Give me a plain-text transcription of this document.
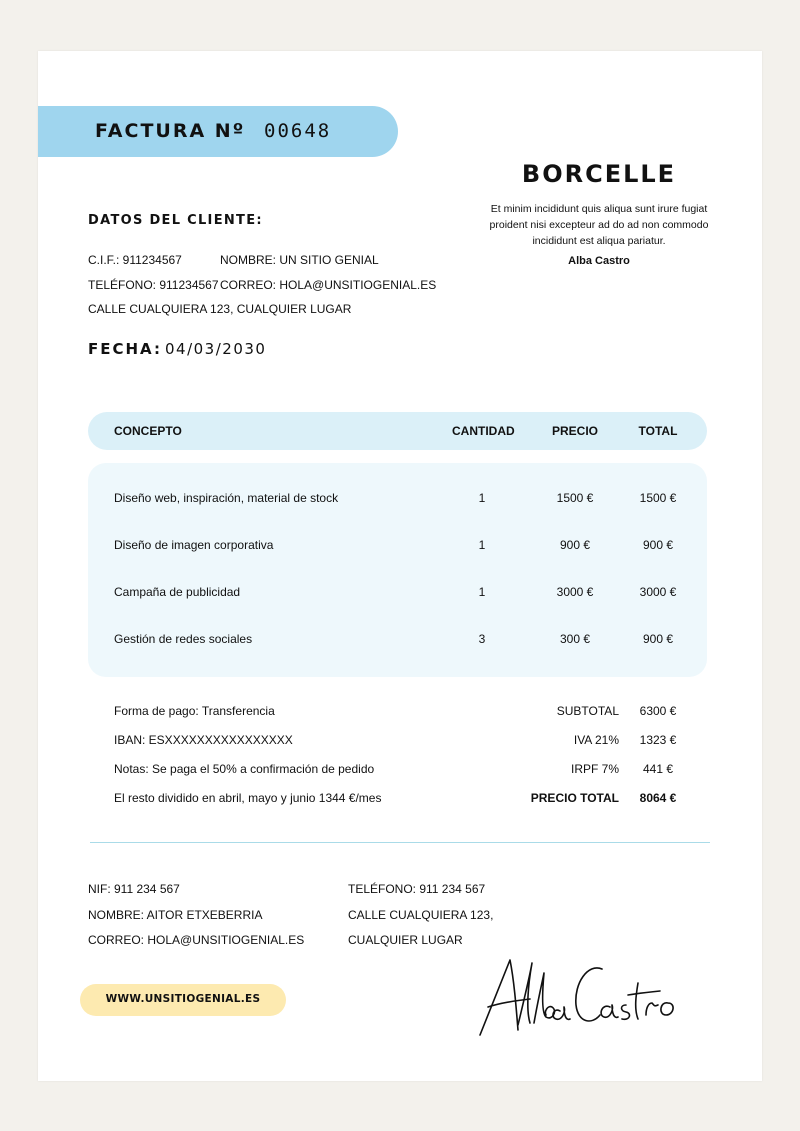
FACTURA Nº 00648
BORCELLE
Et minim incididunt quis aliqua sunt irure fugiat proident nisi excepteur ad do ad non commodo incididunt est aliqua pariatur.
Alba Castro
DATOS DEL CLIENTE:
C.I.F.: 911234567	NOMBRE: UN SITIO GENIAL
TELÉFONO: 911234567 CORREO: HOLA@UNSITIOGENIAL.ES
CALLE CUALQUIERA 123, CUALQUIER LUGAR
FECHA: 04/03/2030
CONCEPTO	CANTIDAD	PRECIO	TOTAL
Diseño web, inspiración, material de stock	1	1500 €	1500 €
Diseño de imagen corporativa	1	900 €	900 €
Campaña de publicidad	1	3000 €	3000 €
Gestión de redes sociales	3	300 €	900 €
Forma de pago: Transferencia
IBAN: ESXXXXXXXXXXXXXXXX
Notas: Se paga el 50% a confirmación de pedido
El resto dividido en abril, mayo y junio 1344 €/mes
SUBTOTAL	6300 €
IVA 21%	1323 €
IRPF 7%	441 €
PRECIO TOTAL	8064 €
NIF: 911 234 567
NOMBRE: AITOR ETXEBERRIA
CORREO: HOLA@UNSITIOGENIAL.ES
TELÉFONO: 911 234 567
CALLE CUALQUIERA 123,
CUALQUIER LUGAR
WWW.UNSITIOGENIAL.ES
